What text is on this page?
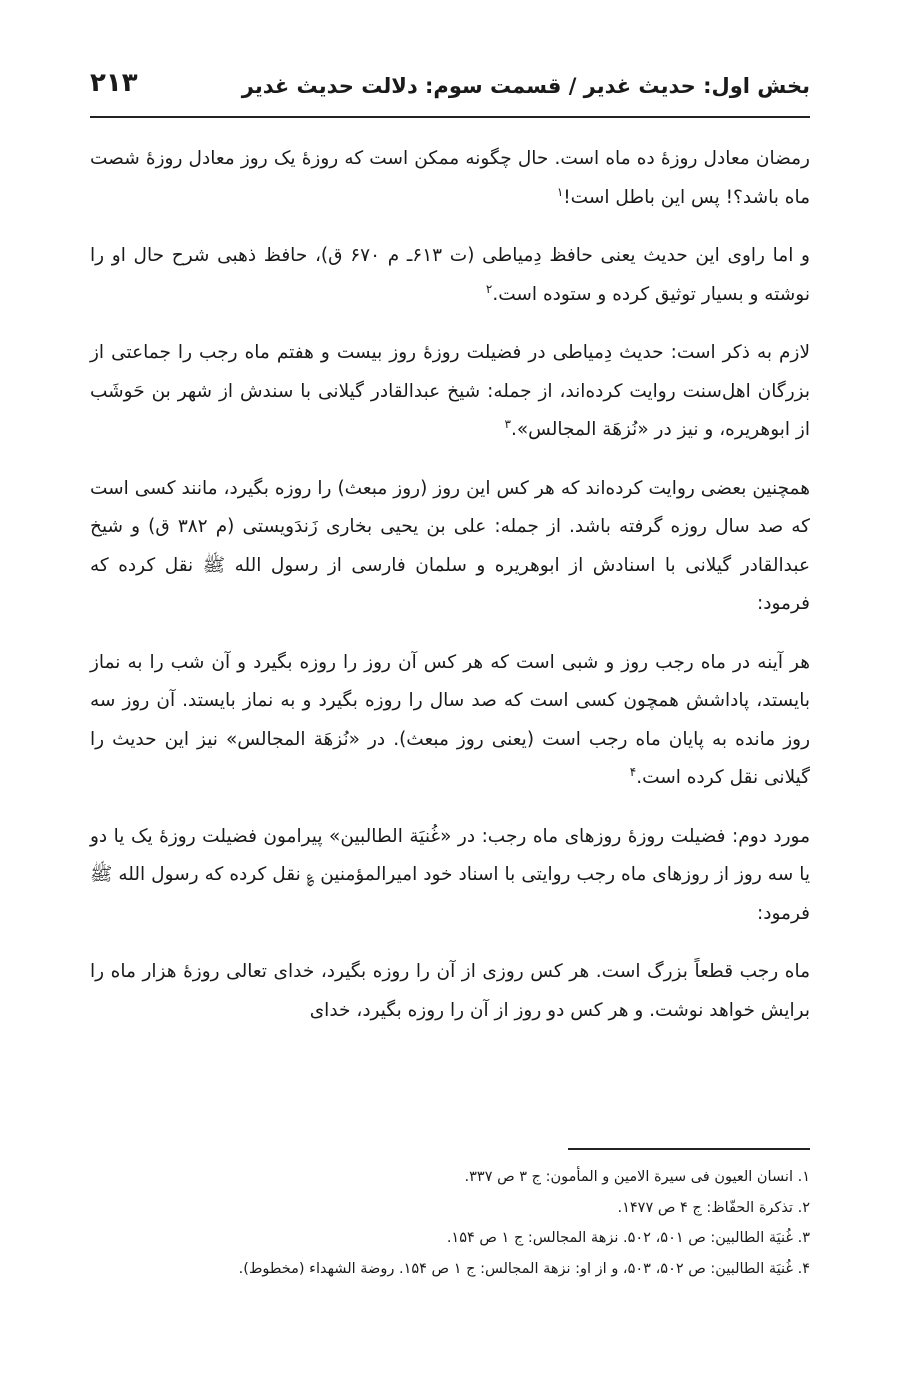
بخش اول: حدیث غدیر / قسمت سوم: دلالت حدیث غدیر
۲۱۳

رمضان معادل روزهٔ ده ماه است. حال چگونه ممکن است که روزهٔ یک روز معادل روزهٔ شصت ماه باشد؟! پس این باطل است!$^۱$

و اما راوی این حدیث یعنی حافظ دِمیاطی (ت ۶۱۳ـ م ۶۷۰ ق)، حافظ ذهبی شرح حال او را نوشته و بسیار توثیق کرده و ستوده است.$^۲$

لازم به ذکر است: حدیث دِمیاطی در فضیلت روزهٔ روز بیست و هفتم ماه رجب را جماعتی از بزرگان اهل‌سنت روایت کرده‌اند، از جمله: شیخ عبدالقادر گیلانی با سندش از شهر بن حَوشَب از ابوهریره، و نیز در «نُزهَة المجالس».$^۳$

همچنین بعضی روایت کرده‌اند که هر کس این روز (روز مبعث) را روزه بگیرد، مانند کسی است که صد سال روزه گرفته باشد. از جمله: علی بن یحیی بخاری زَندَویستی (م ۳۸۲ ق) و شیخ عبدالقادر گیلانی با اسنادش از ابوهریره و سلمان فارسی از رسول الله ﷺ نقل کرده که فرمود:

هر آینه در ماه رجب روز و شبی است که هر کس آن روز را روزه بگیرد و آن شب را به نماز بایستد، پاداشش همچون کسی است که صد سال را روزه بگیرد و به نماز بایستد. آن روز سه روز مانده به پایان ماه رجب است (یعنی روز مبعث). در «نُزهَة المجالس» نیز این حدیث را گیلانی نقل کرده است.$^۴$

مورد دوم: فضیلت روزهٔ روزهای ماه رجب: در «غُنیَة الطالبین» پیرامون فضیلت روزهٔ یک یا دو یا سه روز از روزهای ماه رجب روایتی با اسناد خود امیرالمؤمنین ؏ نقل کرده که رسول الله ﷺ فرمود:

ماه رجب قطعاً بزرگ است. هر کس روزی از آن را روزه بگیرد، خدای تعالی روزهٔ هزار ماه را برایش خواهد نوشت. و هر کس دو روز از آن را روزه بگیرد، خدای

۱. انسان العیون فی سیرة الامین و المأمون: ج ۳ ص ۳۳۷.
۲. تذکرة الحفّاظ: ج ۴ ص ۱۴۷۷.
۳. غُنیَة الطالبین: ص ۵۰۱، ۵۰۲. نزهة المجالس: ج ۱ ص ۱۵۴.
۴. غُنیَة الطالبین: ص ۵۰۲، ۵۰۳، و از او: نزهة المجالس: ج ۱ ص ۱۵۴. روضة الشهداء (مخطوط).
